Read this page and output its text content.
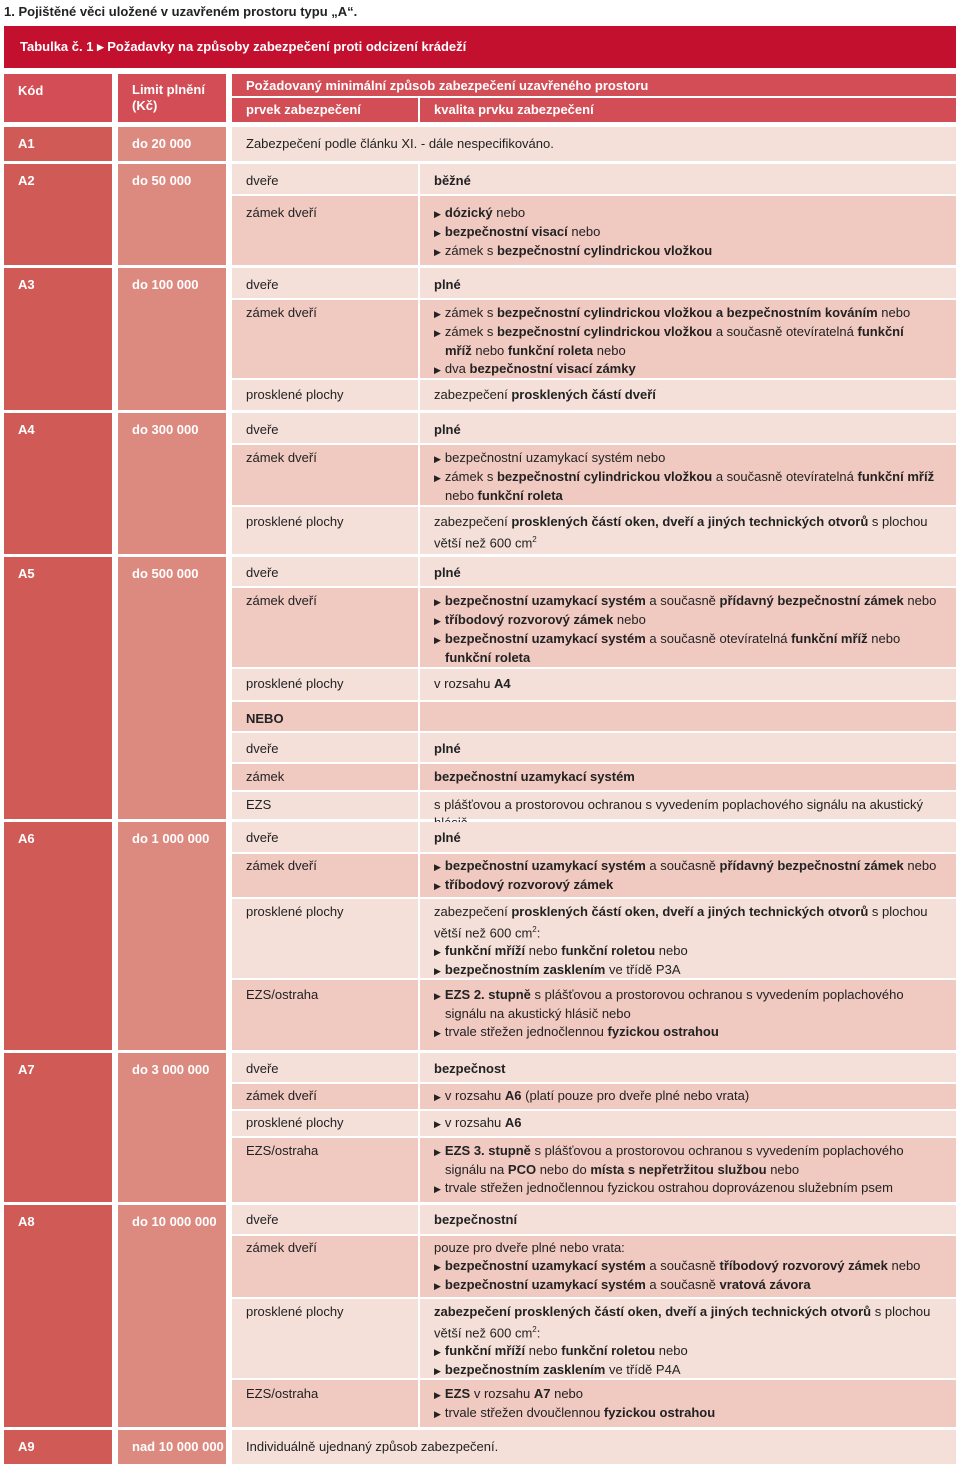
1. Pojištěné věci uložené v uzavřeném prostoru typu „A“.
Tabulka č. 1 ▸ Požadavky na způsoby zabezpečení proti odcizení krádeží
Kód	Limit plnění
(Kč)
Požadovaný minimální způsob zabezpečení uzavřeného prostoru
prvek zabezpečení	kvalita prvku zabezpečení
A1	do 20 000	Zabezpečení podle článku XI. - dále nespecifikováno.
A2	do 50 000	dveře	běžné
zámek dveří	▶ dózický nebo
▶ bezpečnostní visací nebo
▶ zámek s bezpečnostní cylindrickou vložkou
A3	do 100 000	dveře	plné
zámek dveří	▶ zámek s bezpečnostní cylindrickou vložkou a bezpečnostním kováním nebo
▶ zámek s bezpečnostní cylindrickou vložkou a současně otevíratelná funkční
mříž nebo funkční roleta nebo
▶ dva bezpečnostní visací zámky
prosklené plochy	zabezpečení prosklených částí dveří
A4	do 300 000	dveře	plné
zámek dveří	▶ bezpečnostní uzamykací systém nebo
▶ zámek s bezpečnostní cylindrickou vložkou a současně otevíratelná funkční mříž
nebo funkční roleta
prosklené plochy	zabezpečení prosklených částí oken, dveří a jiných technických otvorů s plochou
větší než 600 $cm^2$
A5	do 500 000	dveře	plné
zámek dveří	▶ bezpečnostní uzamykací systém a současně přídavný bezpečnostní zámek nebo
▶ tříbodový rozvorový zámek nebo
▶ bezpečnostní uzamykací systém a současně otevíratelná funkční mříž nebo
funkční roleta
prosklené plochy	v rozsahu A4
NEBO
dveře	plné
zámek	bezpečnostní uzamykací systém
EZS	s plášťovou a prostorovou ochranou s vyvedením poplachového signálu na akustický
A6	do 1 000 000	dveře	plné
zámek dveří	▶ bezpečnostní uzamykací systém a současně přídavný bezpečnostní zámek nebo
▶ tříbodový rozvorový zámek
prosklené plochy	zabezpečení prosklených částí oken, dveří a jiných technických otvorů s plochou
větší než 600 $cm^2$:
▶ funkční mříží nebo funkční roletou nebo
▶ bezpečnostním zasklením ve třídě P3A
EZS/ostraha	▶ EZS 2. stupně s plášťovou a prostorovou ochranou s vyvedením poplachového
signálu na akustický hlásič nebo
▶ trvale střežen jednočlennou fyzickou ostrahou
A7	do 3 000 000	dveře	bezpečnost
zámek dveří	▶ v rozsahu A6 (platí pouze pro dveře plné nebo vrata)
prosklené plochy	▶ v rozsahu A6
EZS/ostraha	▶ EZS 3. stupně s plášťovou a prostorovou ochranou s vyvedením poplachového
signálu na PCO nebo do místa s nepřetržitou službou nebo
▶ trvale střežen jednočlennou fyzickou ostrahou doprovázenou služebním psem
A8	do 10 000 000	dveře	bezpečnostní
zámek dveří	pouze pro dveře plné nebo vrata:
▶ bezpečnostní uzamykací systém a současně tříbodový rozvorový zámek nebo
▶ bezpečnostní uzamykací systém a současně vratová závora
prosklené plochy	zabezpečení prosklených částí oken, dveří a jiných technických otvorů s plochou
větší než 600 $cm^2$:
▶ funkční mříží nebo funkční roletou nebo
▶ bezpečnostním zasklením ve třídě P4A
EZS/ostraha	▶ EZS v rozsahu A7 nebo
▶ trvale střežen dvoučlennou fyzickou ostrahou
A9	nad 10 000 000	Individuálně ujednaný způsob zabezpečení.
